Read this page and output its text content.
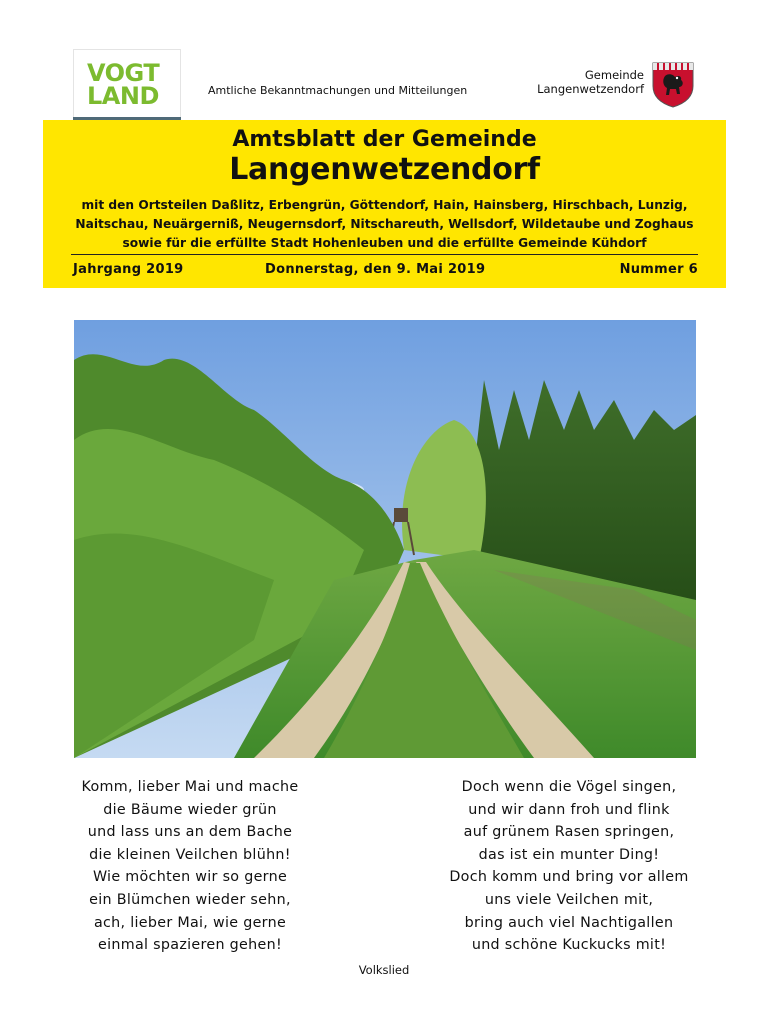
VOGT
LAND	Amtliche Bekanntmachungen und Mitteilungen
Gemeinde
Langenwetzendorf
Amtsblatt der Gemeinde
Langenwetzendorf
mit den Ortsteilen Daßlitz, Erbengrün, Göttendorf, Hain, Hainsberg, Hirschbach, Lunzig,
Naitschau, Neuärgerniß, Neugernsdorf, Nitschareuth, Wellsdorf, Wildetaube und Zoghaus
sowie für die erfüllte Stadt Hohenleuben und die erfüllte Gemeinde Kühdorf
Jahrgang 2019	Donnerstag, den 9. Mai 2019	Nummer 6
Komm, lieber Mai und mache
die Bäume wieder grün
und lass uns an dem Bache
die kleinen Veilchen blühn!
Wie möchten wir so gerne
ein Blümchen wieder sehn,
ach, lieber Mai, wie gerne
einmal spazieren gehen!
Doch wenn die Vögel singen,
und wir dann froh und flink
auf grünem Rasen springen,
das ist ein munter Ding!
Doch komm und bring vor allem
uns viele Veilchen mit,
bring auch viel Nachtigallen
und schöne Kuckucks mit!
Volkslied
